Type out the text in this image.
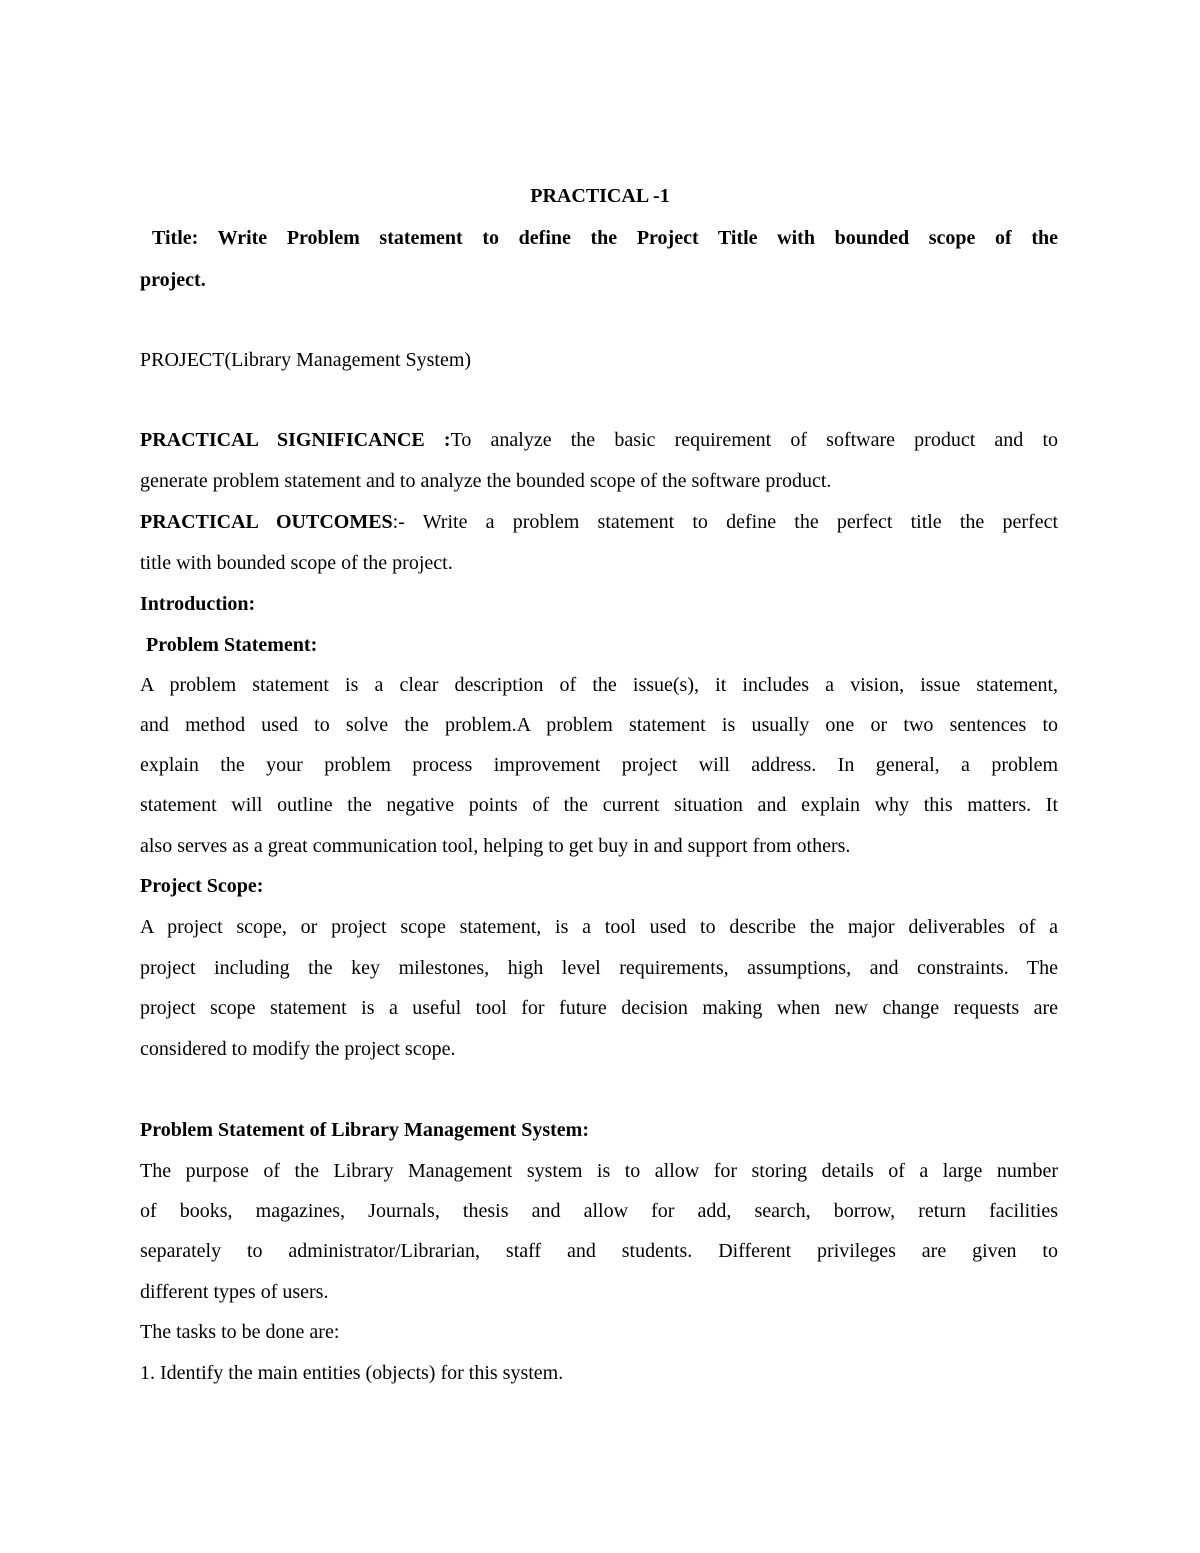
PRACTICAL -1

Title: Write Problem statement to define the Project Title with bounded scope of the

project.

PROJECT(Library Management System)

PRACTICAL SIGNIFICANCE :To analyze the basic requirement of software product and to

generate problem statement and to analyze the bounded scope of the software product.

PRACTICAL OUTCOMES:- Write a problem statement to define the perfect title the perfect

title with bounded scope of the project.

Introduction:

Problem Statement:

A problem statement is a clear description of the issue(s), it includes a vision, issue statement,

and method used to solve the problem.A problem statement is usually one or two sentences to

explain the your problem process improvement project will address. In general, a problem

statement will outline the negative points of the current situation and explain why this matters. It

also serves as a great communication tool, helping to get buy in and support from others.

Project Scope:

A project scope, or project scope statement, is a tool used to describe the major deliverables of a

project including the key milestones, high level requirements, assumptions, and constraints. The

project scope statement is a useful tool for future decision making when new change requests are

considered to modify the project scope.

Problem Statement of Library Management System:

The purpose of the Library Management system is to allow for storing details of a large number

of books, magazines, Journals, thesis and allow for add, search, borrow, return facilities

separately to administrator/Librarian, staff and students. Different privileges are given to

different types of users.

The tasks to be done are:

1. Identify the main entities (objects) for this system.
